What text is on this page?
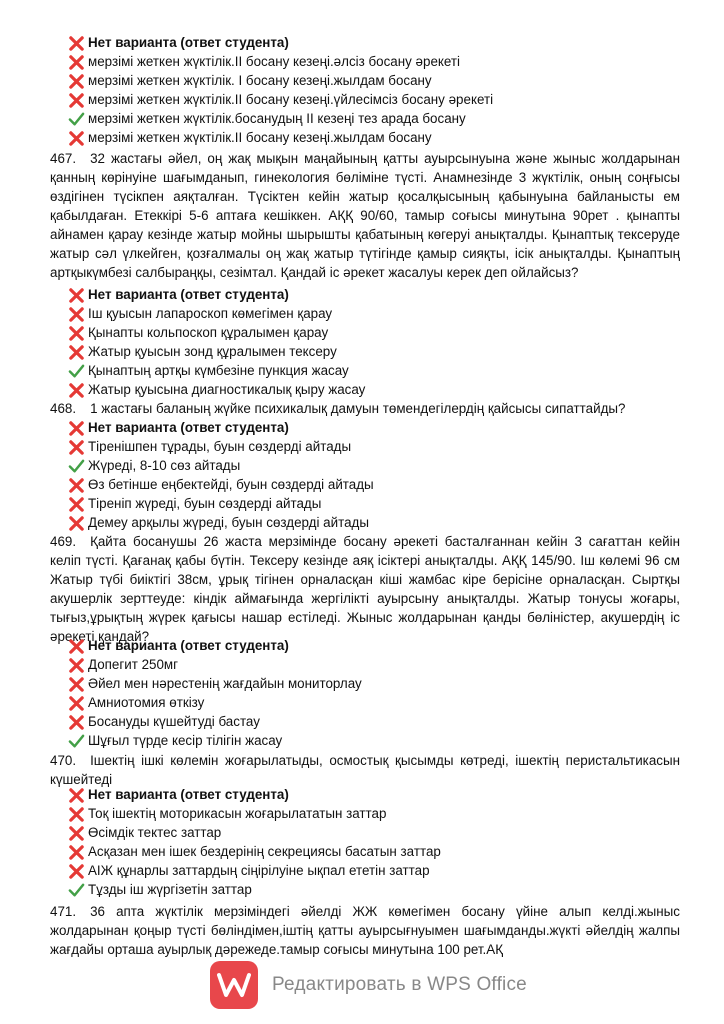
Нет варианта (ответ студента)
мерзімі жеткен жүктілік.ІІ босану кезеңі.әлсіз босану әрекеті
мерзімі жеткен жүктілік. І босану кезеңі.жылдам босану
мерзімі жеткен жүктілік.ІІ босану кезеңі.үйлесімсіз босану әрекеті
мерзімі жеткен жүктілік.босанудың ІІ кезеңі тез арада босану
мерзімі жеткен жүктілік.ІІ босану кезеңі.жылдам босану
467. 32 жастағы әйел, оң жақ мықын маңайының қатты ауырсынуына және жыныс жолдарынан қанның көрінуіне шағымданып, гинекология бөліміне түсті. Анамнезінде 3 жүктілік, оның соңғысы өздігінен түсікпен аяқталған. Түсіктен кейін жатыр қосалқысының қабынуына байланысты ем қабылдаған. Етеккірі 5-6 аптаға кешіккен. АҚҚ 90/60, тамыр соғысы минутына 90рет . қынапты айнамен қарау кезінде жатыр мойны шырышты қабатының көгеруі анықталды. Қынаптық тексеруде жатыр сәл үлкейген, қозғалмалы оң жақ жатыр түтігінде қамыр сияқты, ісік анықталды. Қынаптың артқыкүмбезі салбыраңқы, сезімтал. Қандай іс әрекет жасалуы керек деп ойлайсыз?
Нет варианта (ответ студента)
Іш қуысын лапароскоп көмегімен қарау
Қынапты кольпоскоп құралымен қарау
Жатыр қуысын зонд құралымен тексеру
Қынаптың артқы күмбезіне пункция жасау
Жатыр қуысына диагностикалық қыру жасау
468. 1 жастағы баланың жүйке психикалық дамуын төмендегілердің қайсысы сипаттайды?
Нет варианта (ответ студента)
Тіренішпен тұрады, буын сөздерді айтады
Жүреді, 8-10 сөз айтады
Өз бетінше еңбектейді, буын сөздерді айтады
Тіреніп жүреді, буын сөздерді айтады
Демеу арқылы жүреді, буын сөздерді айтады
469. Қайта босанушы 26 жаста мерзімінде босану әрекеті басталғаннан кейін 3 сағаттан кейін келіп түсті. Қағанақ қабы бүтін. Тексеру кезінде аяқ ісіктері анықталды. АҚҚ 145/90. Іш көлемі 96 см Жатыр түбі биіктігі 38см, ұрық тігінен орналасқан кіші жамбас кіре берісіне орналасқан. Сыртқы акушерлік зерттеуде: кіндік аймағында жергілікті ауырсыну анықталды. Жатыр тонусы жоғары, тығыз,ұрықтың жүрек қағысы нашар естіледі. Жыныс жолдарынан қанды бөліністер, акушердің іс әрекеті қандай?
Нет варианта (ответ студента)
Допегит 250мг
Әйел мен нәрестенің жағдайын мониторлау
Амниотомия өткізу
Босануды күшейтуді бастау
Шұғыл түрде кесір тілігін жасау
470. Ішектің ішкі көлемін жоғарылатыды, осмостық қысымды көтреді, ішектің перистальтикасын күшейтеді
Нет варианта (ответ студента)
Тоқ ішектің моторикасын жоғарылататын заттар
Өсімдік тектес заттар
Асқазан мен ішек бездерінің секрециясы басатын заттар
АІЖ құнарлы заттардың сіңірілуіне ықпал ететін заттар
Тұзды іш жүргізетін заттар
471. 36 апта жүктілік мерзіміндегі әйелді ЖЖ көмегімен босану үйіне алып келді.жыныс жолдарынан қоңыр түсті бөліндімен,іштің қатты ауырсығнуымен шағымданды.жүкті әйелдің жалпы жағдайы орташа ауырлық дәрежеде.тамыр соғысы минутына 100 рет.АҚ
Редактировать в WPS Office
